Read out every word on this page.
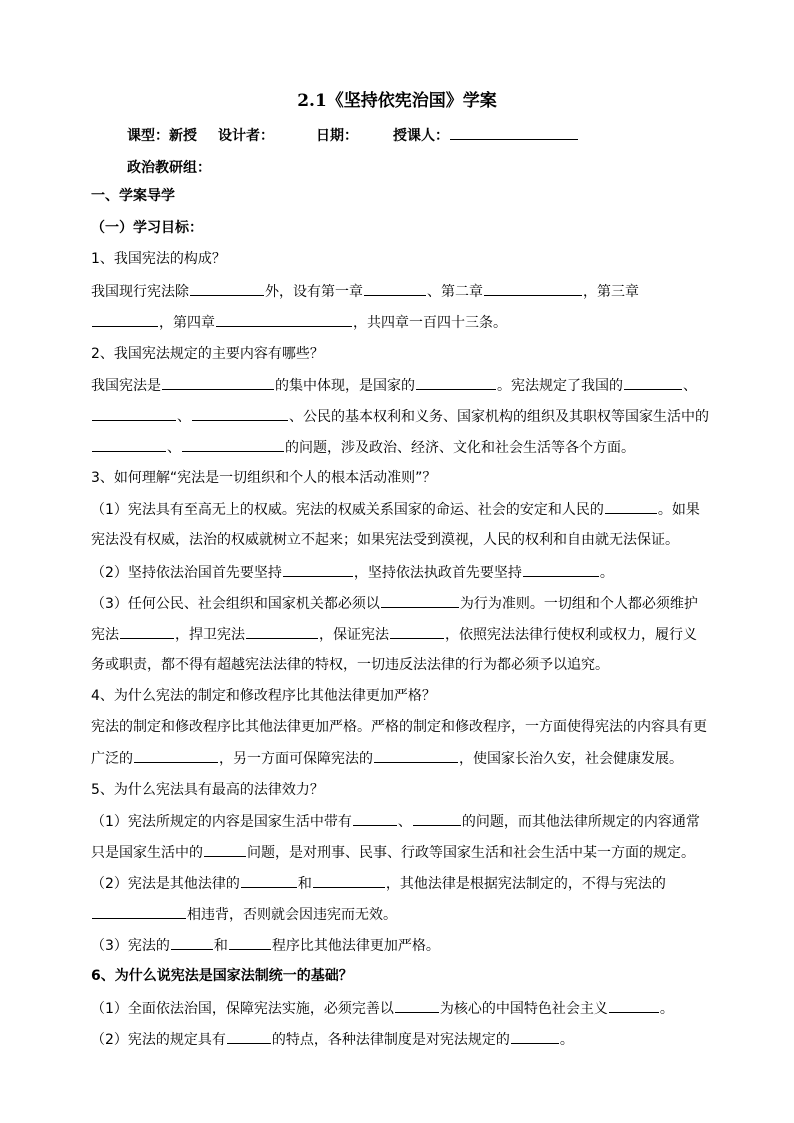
2.1《坚持依宪治国》学案
课型：新授 设计者：	日期：	授课人：
政治教研组：
一、学案导学
（一）学习目标：
1、我国宪法的构成？
我国现行宪法除	外，设有第一章	、第二章	，第三章
，第四章	，共四章一百四十三条。
2、我国宪法规定的主要内容有哪些？
我国宪法是	的集中体现，是国家的	。宪法规定了我国的	、
、	、公民的基本权利和义务、国家机构的组织及其职权等国家生活中的
、	的问题，涉及政治、经济、文化和社会生活等各个方面。
3、如何理解“宪法是一切组织和个人的根本活动准则”？
（1）宪法具有至高无上的权威。宪法的权威关系国家的命运、社会的安定和人民的	。如果
宪法没有权威，法治的权威就树立不起来；如果宪法受到漠视，人民的权利和自由就无法保证。
（2）坚持依法治国首先要坚持	，坚持依法执政首先要坚持	。
（3）任何公民、社会组织和国家机关都必须以	为行为准则。一切组和个人都必须维护
宪法	，捍卫宪法	，保证宪法	，依照宪法法律行使权利或权力，履行义
务或职责，都不得有超越宪法法律的特权，一切违反法法律的行为都必须予以追究。
4、为什么宪法的制定和修改程序比其他法律更加严格？
宪法的制定和修改程序比其他法律更加严格。严格的制定和修改程序，一方面使得宪法的内容具有更
广泛的	，另一方面可保障宪法的	，使国家长治久安，社会健康发展。
5、为什么宪法具有最高的法律效力？
（1）宪法所规定的内容是国家生活中带有	、	的问题，而其他法律所规定的内容通常
只是国家生活中的	问题，是对刑事、民事、行政等国家生活和社会生活中某一方面的规定。
（2）宪法是其他法律的	和	，其他法律是根据宪法制定的，不得与宪法的
相违背，否则就会因违宪而无效。
（3）宪法的	和	程序比其他法律更加严格。
6、为什么说宪法是国家法制统一的基础？
（1）全面依法治国，保障宪法实施，必须完善以	为核心的中国特色社会主义	。
（2）宪法的规定具有	的特点，各种法律制度是对宪法规定的	。
